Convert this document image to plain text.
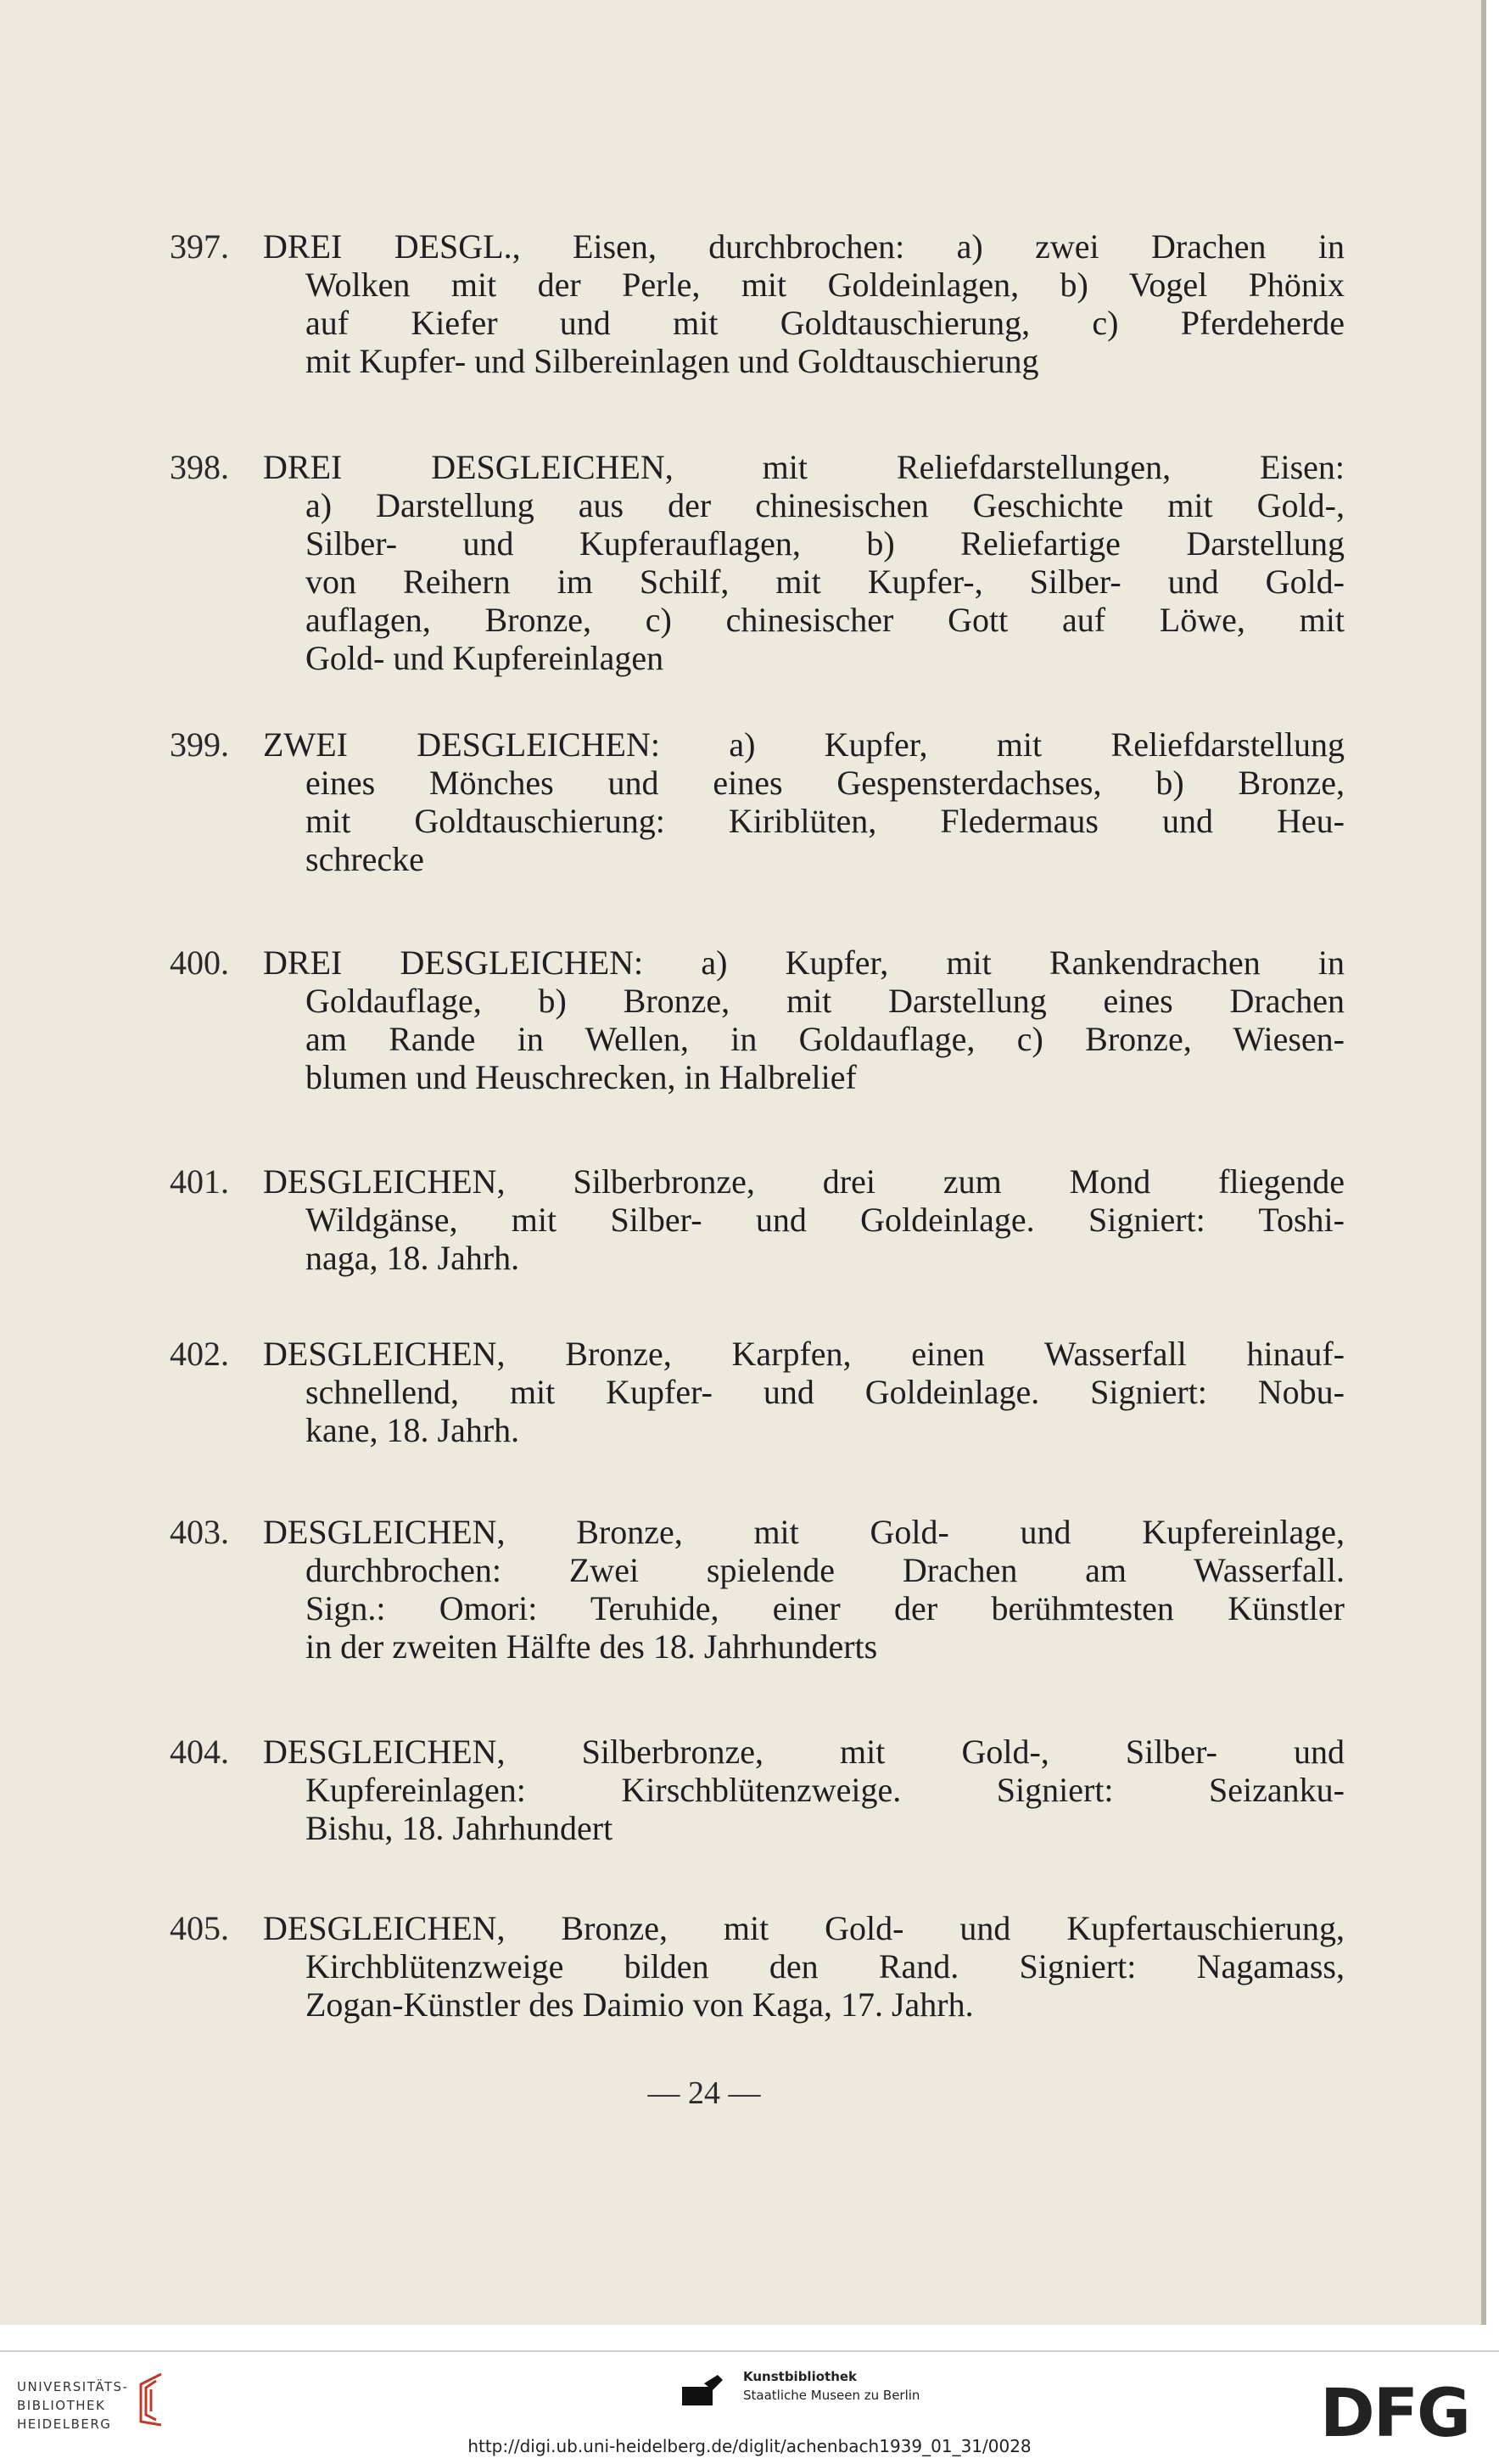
397. DREI DESGL., Eisen, durchbrochen: a) zwei Drachen in
Wolken mit der Perle, mit Goldeinlagen, b) Vogel Phönix
auf Kiefer und mit Goldtauschierung, c) Pferdeherde
mit Kupfer- und Silbereinlagen und Goldtauschierung
398. DREI DESGLEICHEN, mit Reliefdarstellungen, Eisen:
a) Darstellung aus der chinesischen Geschichte mit Gold-,
Silber- und Kupferauflagen, b) Reliefartige Darstellung
von Reihern im Schilf, mit Kupfer-, Silber- und Gold-
auflagen, Bronze, c) chinesischer Gott auf Löwe, mit
Gold- und Kupfereinlagen
399. ZWEI DESGLEICHEN: a) Kupfer, mit Reliefdarstellung
eines Mönches und eines Gespensterdachses, b) Bronze,
mit Goldtauschierung: Kiriblüten, Fledermaus und Heu-
schrecke
400. DREI DESGLEICHEN: a) Kupfer, mit Rankendrachen in
Goldauflage, b) Bronze, mit Darstellung eines Drachen
am Rande in Wellen, in Goldauflage, c) Bronze, Wiesen-
blumen und Heuschrecken, in Halbrelief
401. DESGLEICHEN, Silberbronze, drei zum Mond fliegende
Wildgänse, mit Silber- und Goldeinlage. Signiert: Toshi-
naga, 18. Jahrh.
402. DESGLEICHEN, Bronze, Karpfen, einen Wasserfall hinauf-
schnellend, mit Kupfer- und Goldeinlage. Signiert: Nobu-
kane, 18. Jahrh.
403. DESGLEICHEN, Bronze, mit Gold- und Kupfereinlage,
durchbrochen: Zwei spielende Drachen am Wasserfall.
Sign.: Omori: Teruhide, einer der berühmtesten Künstler
in der zweiten Hälfte des 18. Jahrhunderts
404. DESGLEICHEN, Silberbronze, mit Gold-, Silber- und
Kupfereinlagen: Kirschblütenzweige. Signiert: Seizanku-
Bishu, 18. Jahrhundert
405. DESGLEICHEN, Bronze, mit Gold- und Kupfertauschierung,
Kirchblütenzweige bilden den Rand. Signiert: Nagamass,
Zogan-Künstler des Daimio von Kaga, 17. Jahrh.
— 24 —
UNIVERSITÄTS-
BIBLIOTHEK
HEIDELBERG
Kunstbibliothek
Staatliche Museen zu Berlin	DFG
http://digi.ub.uni-heidelberg.de/diglit/achenbach1939_01_31/0028
